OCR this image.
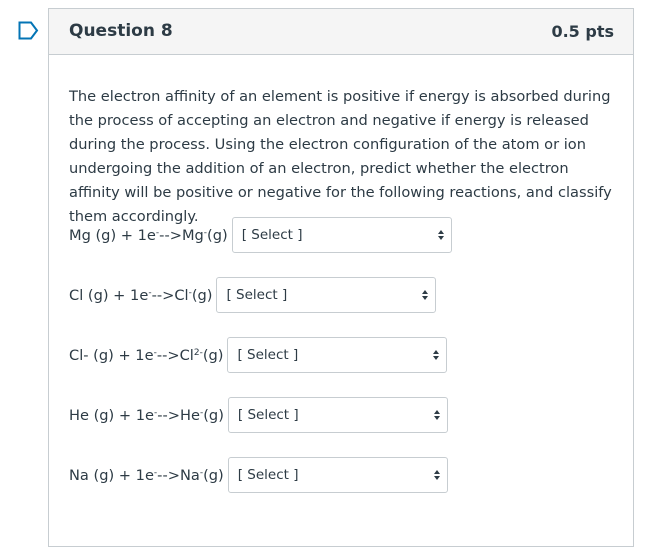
Question 8	0.5 pts
The electron affinity of an element is positive if energy is absorbed during the process of accepting an electron and negative if energy is released during the process. Using the electron configuration of the atom or ion undergoing the addition of an electron, predict whether the electron affinity will be positive or negative for the following reactions, and classify them accordingly.
Mg (g) + 1e- --> Mg- (g) [ Select ]
Cl (g) + 1e- --> Cl- (g) [ Select ]
Cl- (g) + 1e- --> $Cl^{2-}$ (g) [ Select ]
He (g) + 1e- --> He- (g) [ Select ]
Na (g) + 1e- --> Na- (g) [ Select ]
